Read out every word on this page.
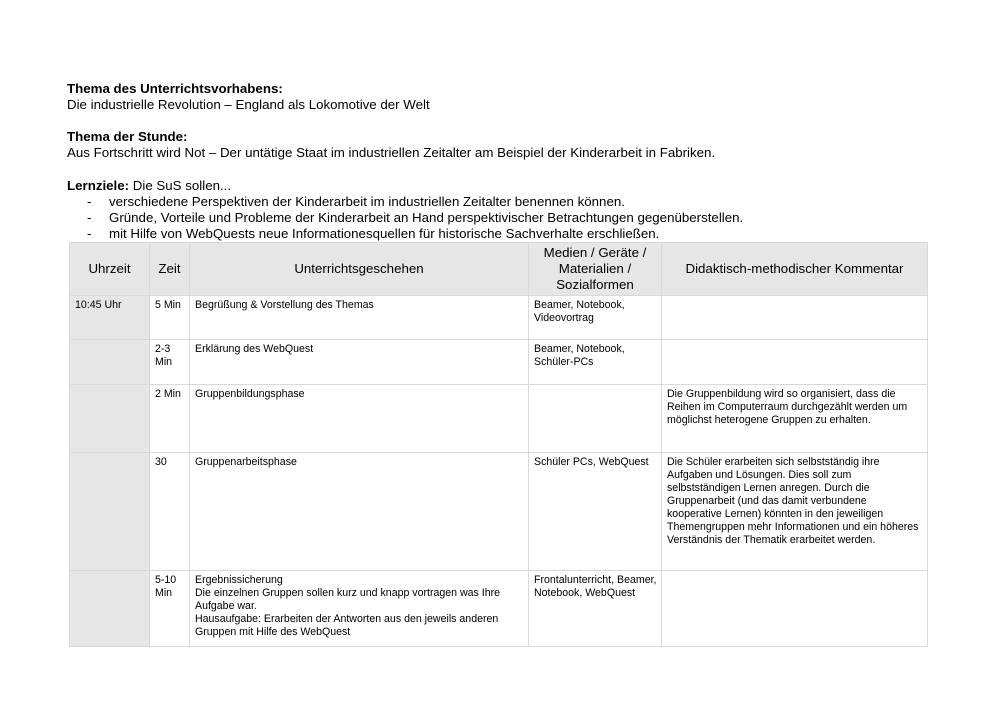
Thema des Unterrichtsvorhabens:
Die industrielle Revolution – England als Lokomotive der Welt
Thema der Stunde:
Aus Fortschritt wird Not – Der untätige Staat im industriellen Zeitalter am Beispiel der Kinderarbeit in Fabriken.
Lernziele: Die SuS sollen...
- verschiedene Perspektiven der Kinderarbeit im industriellen Zeitalter benennen können.
- Gründe, Vorteile und Probleme der Kinderarbeit an Hand perspektivischer Betrachtungen gegenüberstellen.
- mit Hilfe von WebQuests neue Informationesquellen für historische Sachverhalte erschließen.
Uhrzeit	Zeit	Unterrichtsgeschehen	Medien / Geräte / Materialien / Sozialformen	Didaktisch-methodischer Kommentar
10:45 Uhr	5 Min	Begrüßung & Vorstellung des Themas	Beamer, Notebook, Videovortrag	
	2-3 Min	Erklärung des WebQuest	Beamer, Notebook, Schüler-PCs	
	2 Min	Gruppenbildungsphase		Die Gruppenbildung wird so organisiert, dass die Reihen im Computerraum durchgezählt werden um möglichst heterogene Gruppen zu erhalten.
	30	Gruppenarbeitsphase	Schüler PCs, WebQuest	Die Schüler erarbeiten sich selbstständig ihre Aufgaben und Lösungen. Dies soll zum selbstständigen Lernen anregen. Durch die Gruppenarbeit (und das damit verbundene kooperative Lernen) könnten in den jeweiligen Themengruppen mehr Informationen und ein höheres Verständnis der Thematik erarbeitet werden.
	5-10 Min	Ergebnissicherung
Die einzelnen Gruppen sollen kurz und knapp vortragen was Ihre Aufgabe war.
Hausaufgabe: Erarbeiten der Antworten aus den jeweils anderen Gruppen mit Hilfe des WebQuest	Frontalunterricht, Beamer, Notebook, WebQuest	
